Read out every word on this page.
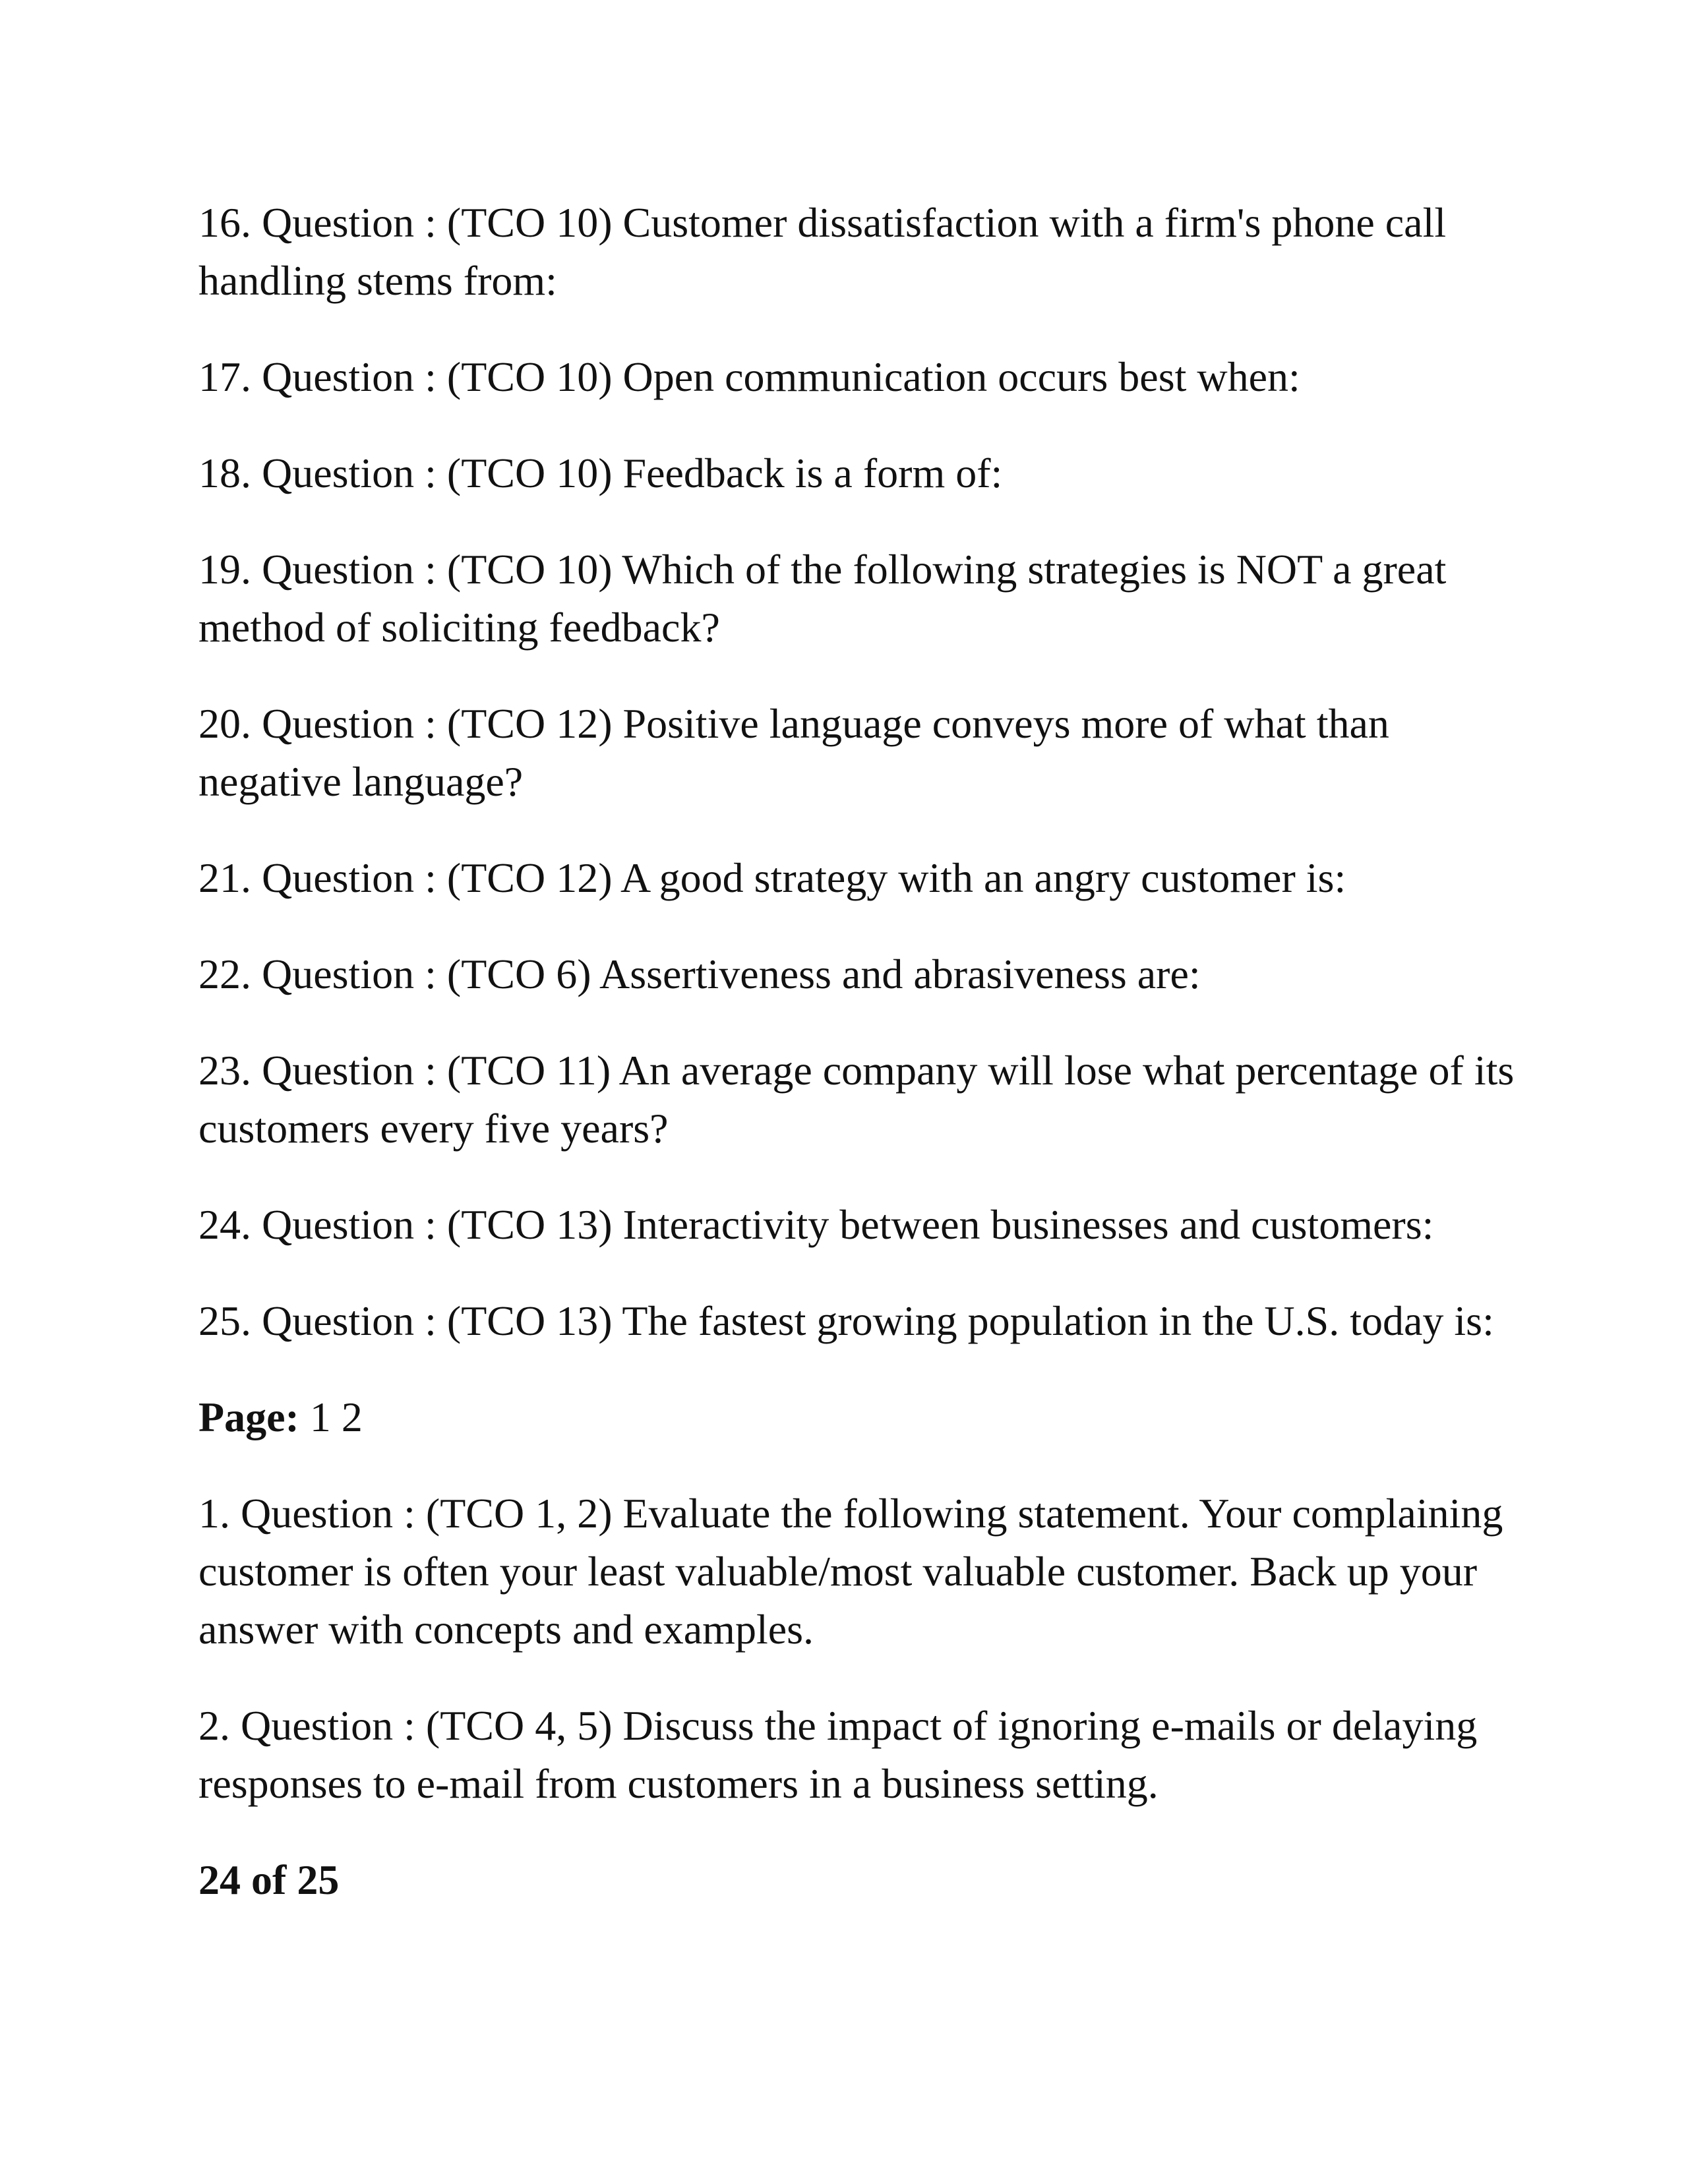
16. Question : (TCO 10) Customer dissatisfaction with a firm's phone call handling stems from:

17. Question : (TCO 10) Open communication occurs best when:

18. Question : (TCO 10) Feedback is a form of:

19. Question : (TCO 10) Which of the following strategies is NOT a great method of soliciting feedback?

20. Question : (TCO 12) Positive language conveys more of what than negative language?

21. Question : (TCO 12) A good strategy with an angry customer is:

22. Question : (TCO 6) Assertiveness and abrasiveness are:

23. Question : (TCO 11) An average company will lose what percentage of its customers every five years?

24. Question : (TCO 13) Interactivity between businesses and customers:

25. Question : (TCO 13) The fastest growing population in the U.S. today is:

Page: 1 2

1. Question : (TCO 1, 2) Evaluate the following statement. Your complaining customer is often your least valuable/most valuable customer. Back up your answer with concepts and examples.

2. Question : (TCO 4, 5) Discuss the impact of ignoring e-mails or delaying responses to e-mail from customers in a business setting.

24 of 25
